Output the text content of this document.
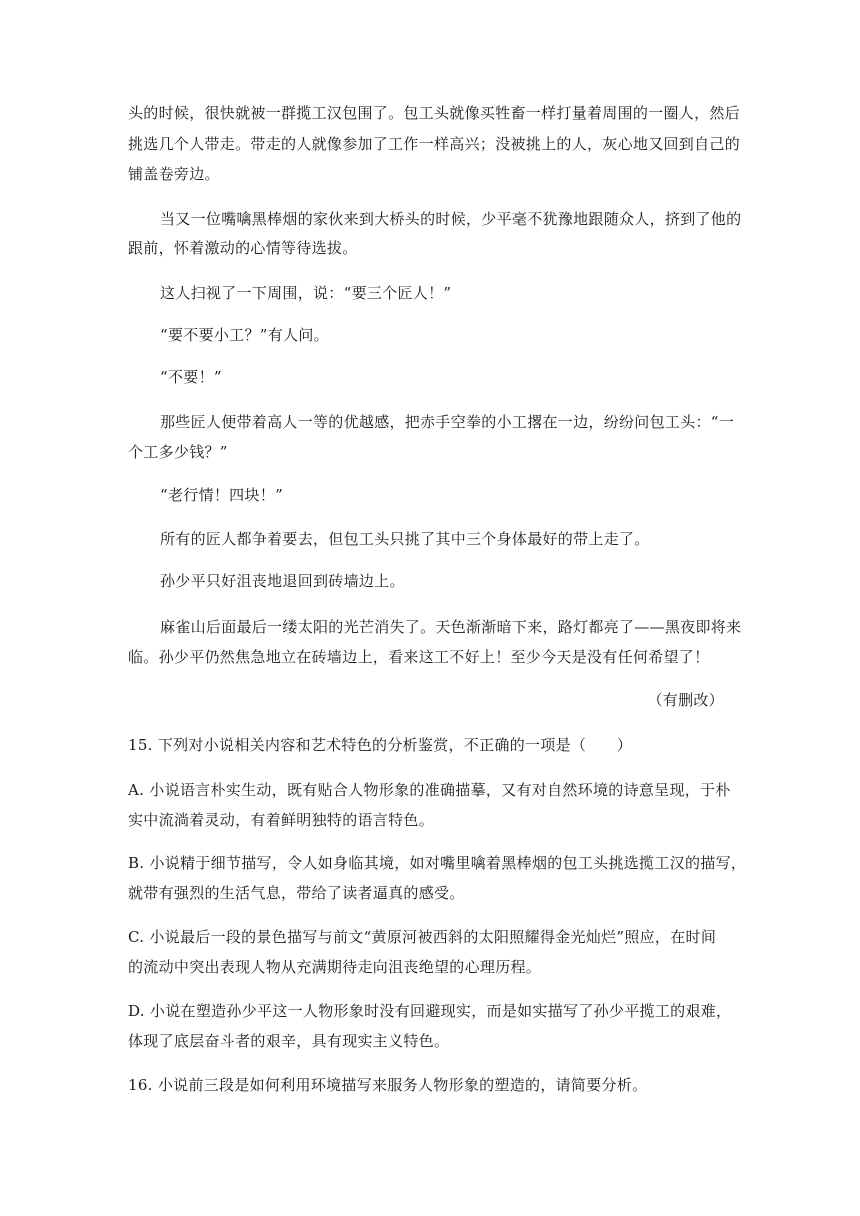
头的时候，很快就被一群揽工汉包围了。包工头就像买牲畜一样打量着周围的一圈人，然后
挑选几个人带走。带走的人就像参加了工作一样高兴；没被挑上的人，灰心地又回到自己的
铺盖卷旁边。
当又一位嘴噙黑棒烟的家伙来到大桥头的时候，少平毫不犹豫地跟随众人，挤到了他的
跟前，怀着激动的心情等待选拔。
这人扫视了一下周围，说：“要三个匠人！”
“要不要小工？”有人问。
“不要！”
那些匠人便带着高人一等的优越感，把赤手空拳的小工撂在一边，纷纷问包工头：“一
个工多少钱？”
“老行情！四块！”
所有的匠人都争着要去，但包工头只挑了其中三个身体最好的带上走了。
孙少平只好沮丧地退回到砖墙边上。
麻雀山后面最后一缕太阳的光芒消失了。天色渐渐暗下来，路灯都亮了——黑夜即将来
临。孙少平仍然焦急地立在砖墙边上，看来这工不好上！至少今天是没有任何希望了！
（有删改）
15. 下列对小说相关内容和艺术特色的分析鉴赏，不正确的一项是（　　）
A. 小说语言朴实生动，既有贴合人物形象的准确描摹，又有对自然环境的诗意呈现，于朴
实中流淌着灵动，有着鲜明独特的语言特色。
B. 小说精于细节描写，令人如身临其境，如对嘴里噙着黑棒烟的包工头挑选揽工汉的描写，
就带有强烈的生活气息，带给了读者逼真的感受。
C. 小说最后一段的景色描写与前文“黄原河被西斜的太阳照耀得金光灿烂”照应，在时间
的流动中突出表现人物从充满期待走向沮丧绝望的心理历程。
D. 小说在塑造孙少平这一人物形象时没有回避现实，而是如实描写了孙少平揽工的艰难，
体现了底层奋斗者的艰辛，具有现实主义特色。
16. 小说前三段是如何利用环境描写来服务人物形象的塑造的，请简要分析。
